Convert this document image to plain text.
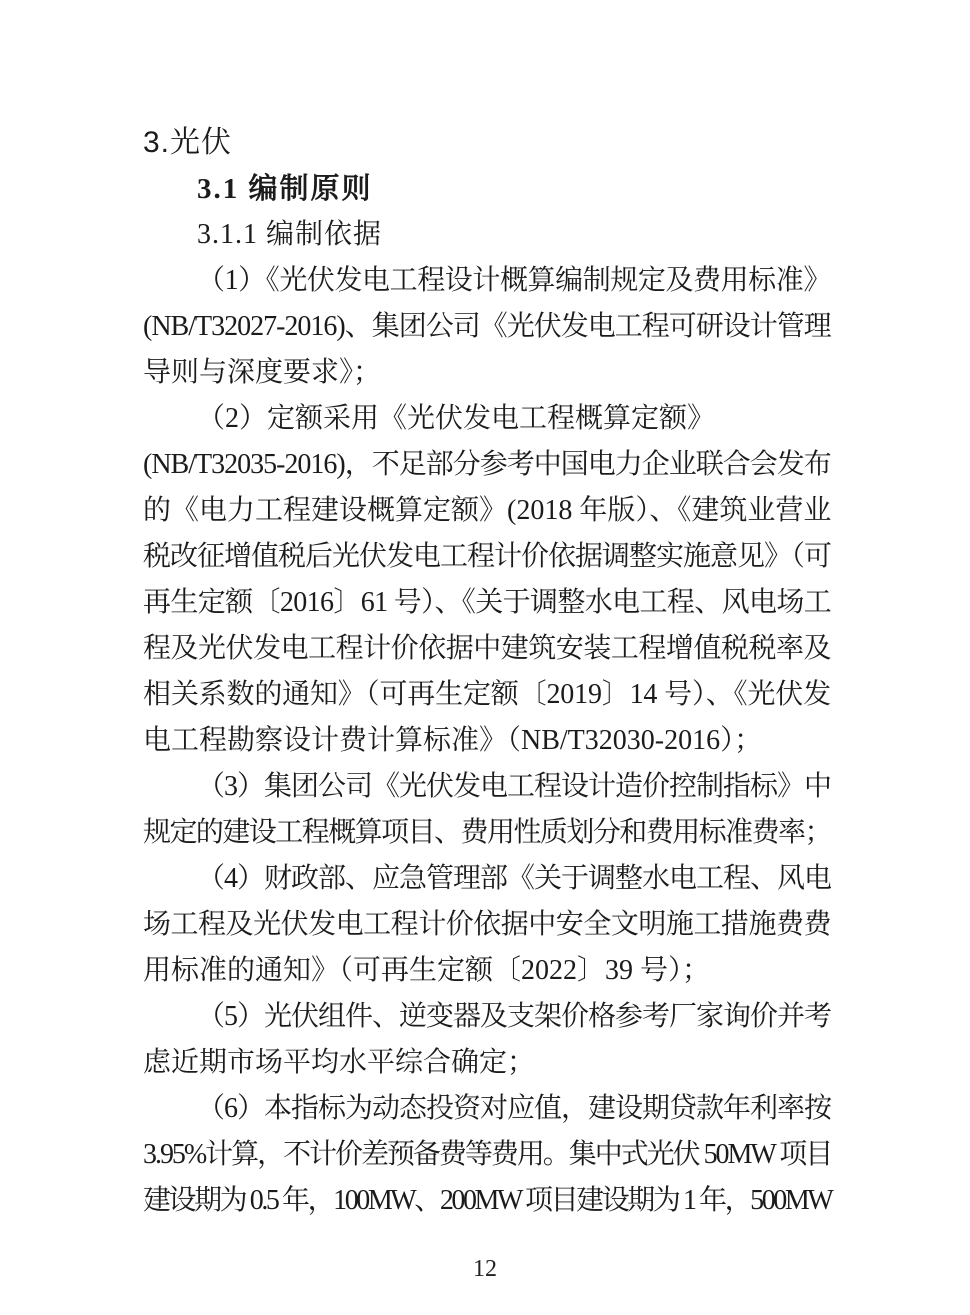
3.光伏
3.1 编制原则
3.1.1 编制依据
（1）《光伏发电工程设计概算编制规定及费用标准》
(NB/T32027-2016)、集团公司《光伏发电工程可研设计管理
导则与深度要求》；
（2）定额采用《光伏发电工程概算定额》
(NB/T32035-2016)，不足部分参考中国电力企业联合会发布
的《电力工程建设概算定额》(2018 年版）、《建筑业营业
税改征增值税后光伏发电工程计价依据调整实施意见》（可
再生定额〔2016〕61 号）、《关于调整水电工程、风电场工
程及光伏发电工程计价依据中建筑安装工程增值税税率及
相关系数的通知》（可再生定额〔2019〕14 号）、《光伏发
电工程勘察设计费计算标准》（NB/T32030-2016）；
（3）集团公司《光伏发电工程设计造价控制指标》中
规定的建设工程概算项目、费用性质划分和费用标准费率；
（4）财政部、应急管理部《关于调整水电工程、风电
场工程及光伏发电工程计价依据中安全文明施工措施费费
用标准的通知》（可再生定额〔2022〕39 号）；
（5）光伏组件、逆变器及支架价格参考厂家询价并考
虑近期市场平均水平综合确定；
（6）本指标为动态投资对应值，建设期贷款年利率按
3.95%计算，不计价差预备费等费用。集中式光伏 50MW 项目
建设期为 0.5 年，100MW、200MW 项目建设期为 1 年，500MW
12
